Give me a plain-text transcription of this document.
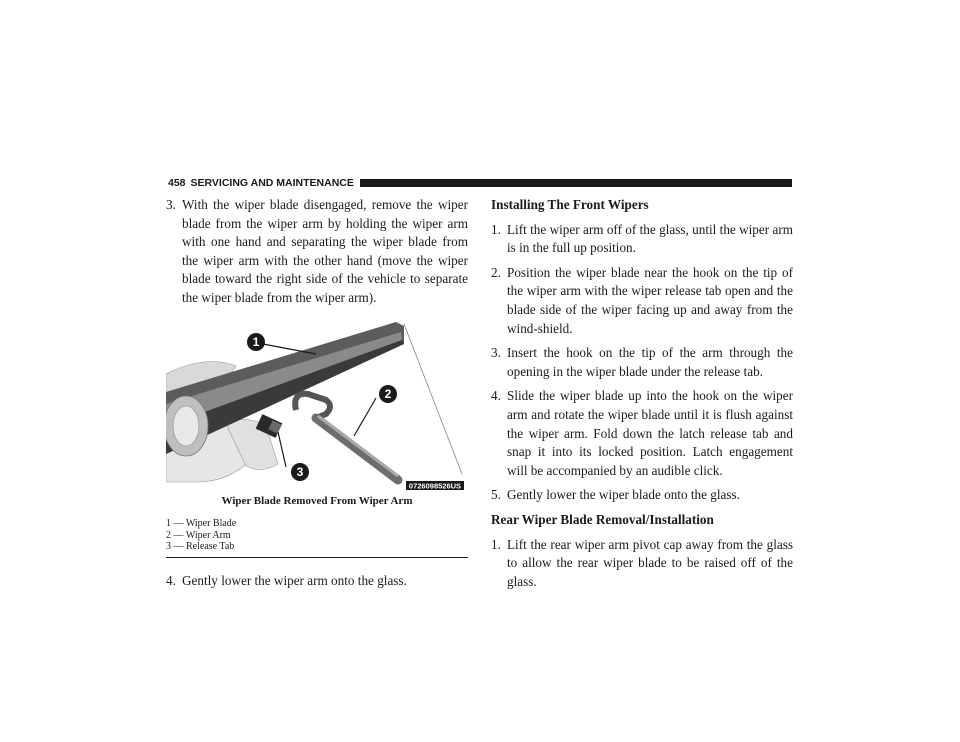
458 SERVICING AND MAINTENANCE

3. With the wiper blade disengaged, remove the wiper blade from the wiper arm by holding the wiper arm with one hand and separating the wiper blade from the wiper arm with the other hand (move the wiper blade toward the right side of the vehicle to separate the wiper blade from the wiper arm).

1
2
3
0726098526US
Wiper Blade Removed From Wiper Arm
1 — Wiper Blade
2 — Wiper Arm
3 — Release Tab

4. Gently lower the wiper arm onto the glass.

Installing The Front Wipers

1. Lift the wiper arm off of the glass, until the wiper arm is in the full up position.

2. Position the wiper blade near the hook on the tip of the wiper arm with the wiper release tab open and the blade side of the wiper facing up and away from the wind-shield.

3. Insert the hook on the tip of the arm through the opening in the wiper blade under the release tab.

4. Slide the wiper blade up into the hook on the wiper arm and rotate the wiper blade until it is flush against the wiper arm. Fold down the latch release tab and snap it into its locked position. Latch engagement will be accompanied by an audible click.

5. Gently lower the wiper blade onto the glass.

Rear Wiper Blade Removal/Installation

1. Lift the rear wiper arm pivot cap away from the glass to allow the rear wiper blade to be raised off of the glass.
